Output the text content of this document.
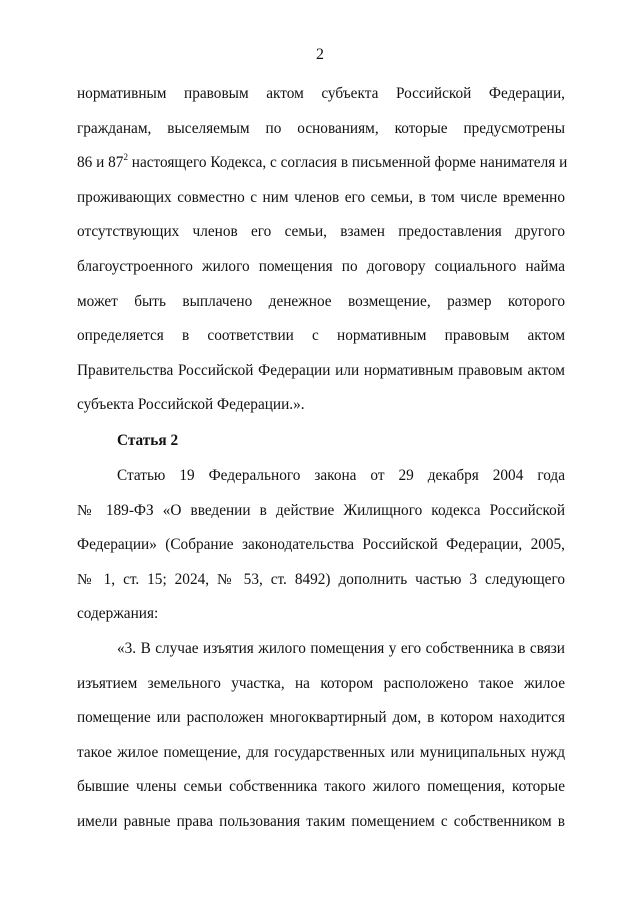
2
нормативным правовым актом субъекта Российской Федерации,
гражданам, выселяемым по основаниям, которые предусмотрены
86 и $87^2$ настоящего Кодекса, с согласия в письменной форме нанимателя и
проживающих совместно с ним членов его семьи, в том числе временно
отсутствующих членов его семьи, взамен предоставления другого
благоустроенного жилого помещения по договору социального найма
может быть выплачено денежное возмещение, размер которого
определяется в соответствии с нормативным правовым актом
Правительства Российской Федерации или нормативным правовым актом
субъекта Российской Федерации.».
Статья 2
Статью 19 Федерального закона от 29 декабря 2004 года
№ 189-ФЗ «О введении в действие Жилищного кодекса Российской
Федерации» (Собрание законодательства Российской Федерации, 2005,
№ 1, ст. 15; 2024, № 53, ст. 8492) дополнить частью 3 следующего
содержания:
«3. В случае изъятия жилого помещения у его собственника в связи
изъятием земельного участка, на котором расположено такое жилое
помещение или расположен многоквартирный дом, в котором находится
такое жилое помещение, для государственных или муниципальных нужд
бывшие члены семьи собственника такого жилого помещения, которые
имели равные права пользования таким помещением с собственником в
